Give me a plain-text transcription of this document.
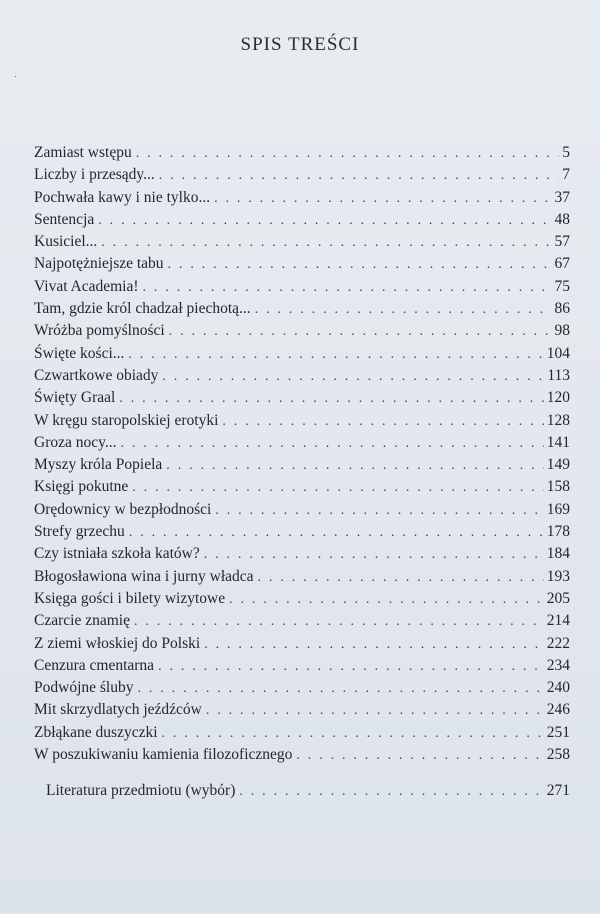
SPIS TREŚCI
˙
Zamiast wstępu . . .	5
Liczby i przesądy... . . .	7
Pochwała kawy i nie tylko... . . .	37
Sentencja . . .	48
Kusiciel... . . .	57
Najpotężniejsze tabu . . .	67
Vivat Academia! . . .	75
Tam, gdzie król chadzał piechotą... . . .	86
Wróżba pomyślności . . .	98
Święte kości... . . .	104
Czwartkowe obiady . . .	113
Święty Graal . . .	120
W kręgu staropolskiej erotyki . . .	128
Groza nocy... . . .	141
Myszy króla Popiela . . .	149
Księgi pokutne . . .	158
Orędownicy w bezpłodności . . .	169
Strefy grzechu . . .	178
Czy istniała szkoła katów? . . .	184
Błogosławiona wina i jurny władca . . .	193
Księga gości i bilety wizytowe . . .	205
Czarcie znamię . . .	214
Z ziemi włoskiej do Polski . . .	222
Cenzura cmentarna . . .	234
Podwójne śluby . . .	240
Mit skrzydlatych jeźdźców . . .	246
Zbłąkane duszyczki . . .	251
W poszukiwaniu kamienia filozoficznego . . .	258
Literatura przedmiotu (wybór) . . .	271
